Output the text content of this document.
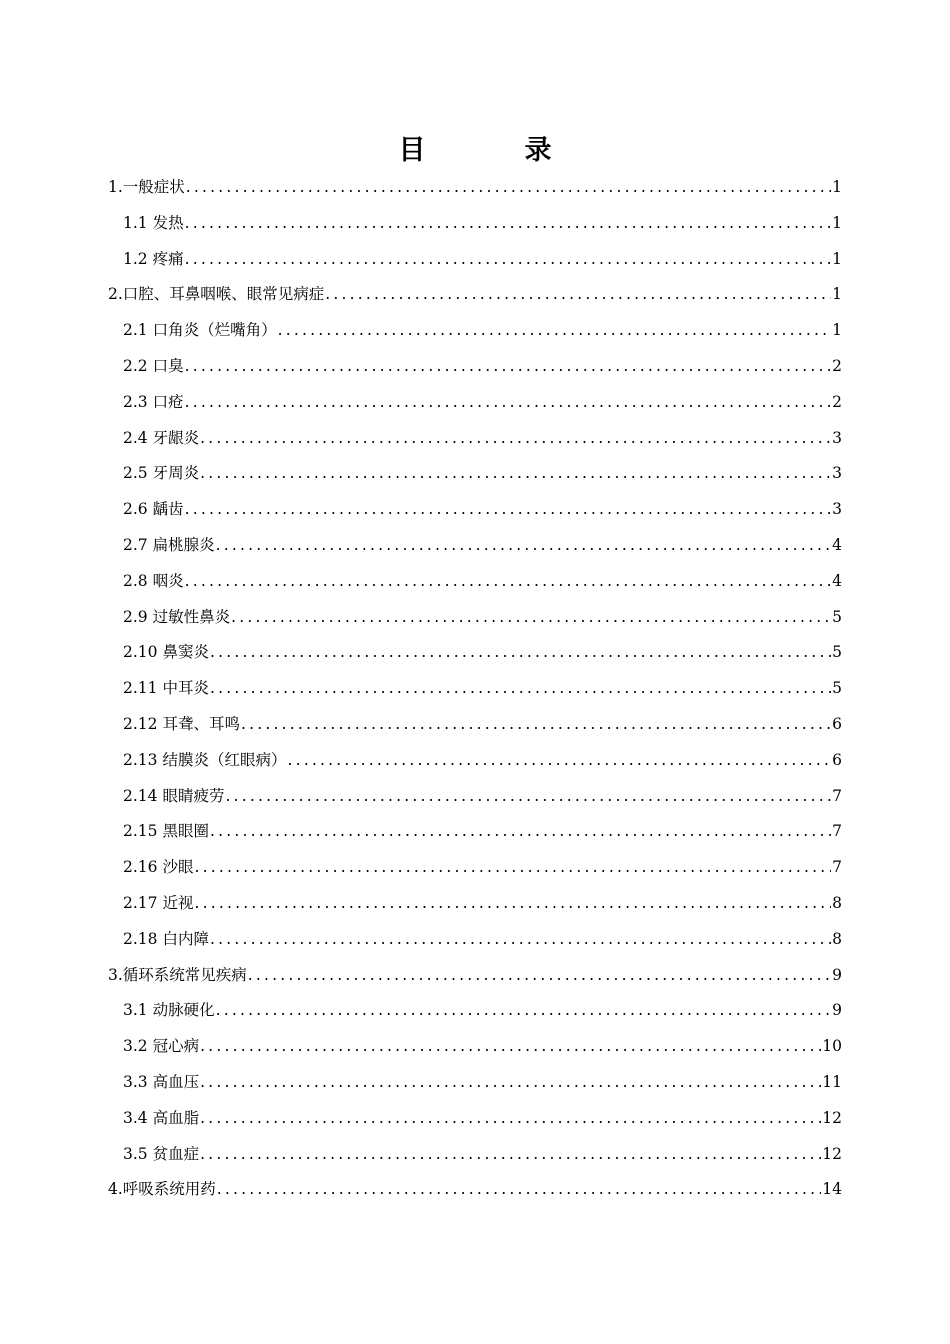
目　录
1.一般症状 .....	1
1.1 发热 .....	1
1.2 疼痛 .....	1
2.口腔、耳鼻咽喉、眼常见病症 .....	1
2.1 口角炎（烂嘴角） .....	1
2.2 口臭 .....	2
2.3 口疮 .....	2
2.4 牙龈炎 .....	3
2.5 牙周炎 .....	3
2.6 龋齿 .....	3
2.7 扁桃腺炎 .....	4
2.8 咽炎 .....	4
2.9 过敏性鼻炎 .....	5
2.10 鼻窦炎 .....	5
2.11 中耳炎 .....	5
2.12 耳聋、耳鸣 .....	6
2.13 结膜炎（红眼病） .....	6
2.14 眼睛疲劳 .....	7
2.15 黑眼圈 .....	7
2.16 沙眼 .....	7
2.17 近视 .....	8
2.18 白内障 .....	8
3.循环系统常见疾病 .....	9
3.1 动脉硬化 .....	9
3.2 冠心病 .....	10
3.3 高血压 .....	11
3.4 高血脂 .....	12
3.5 贫血症 .....	12
4.呼吸系统用药 .....	14
